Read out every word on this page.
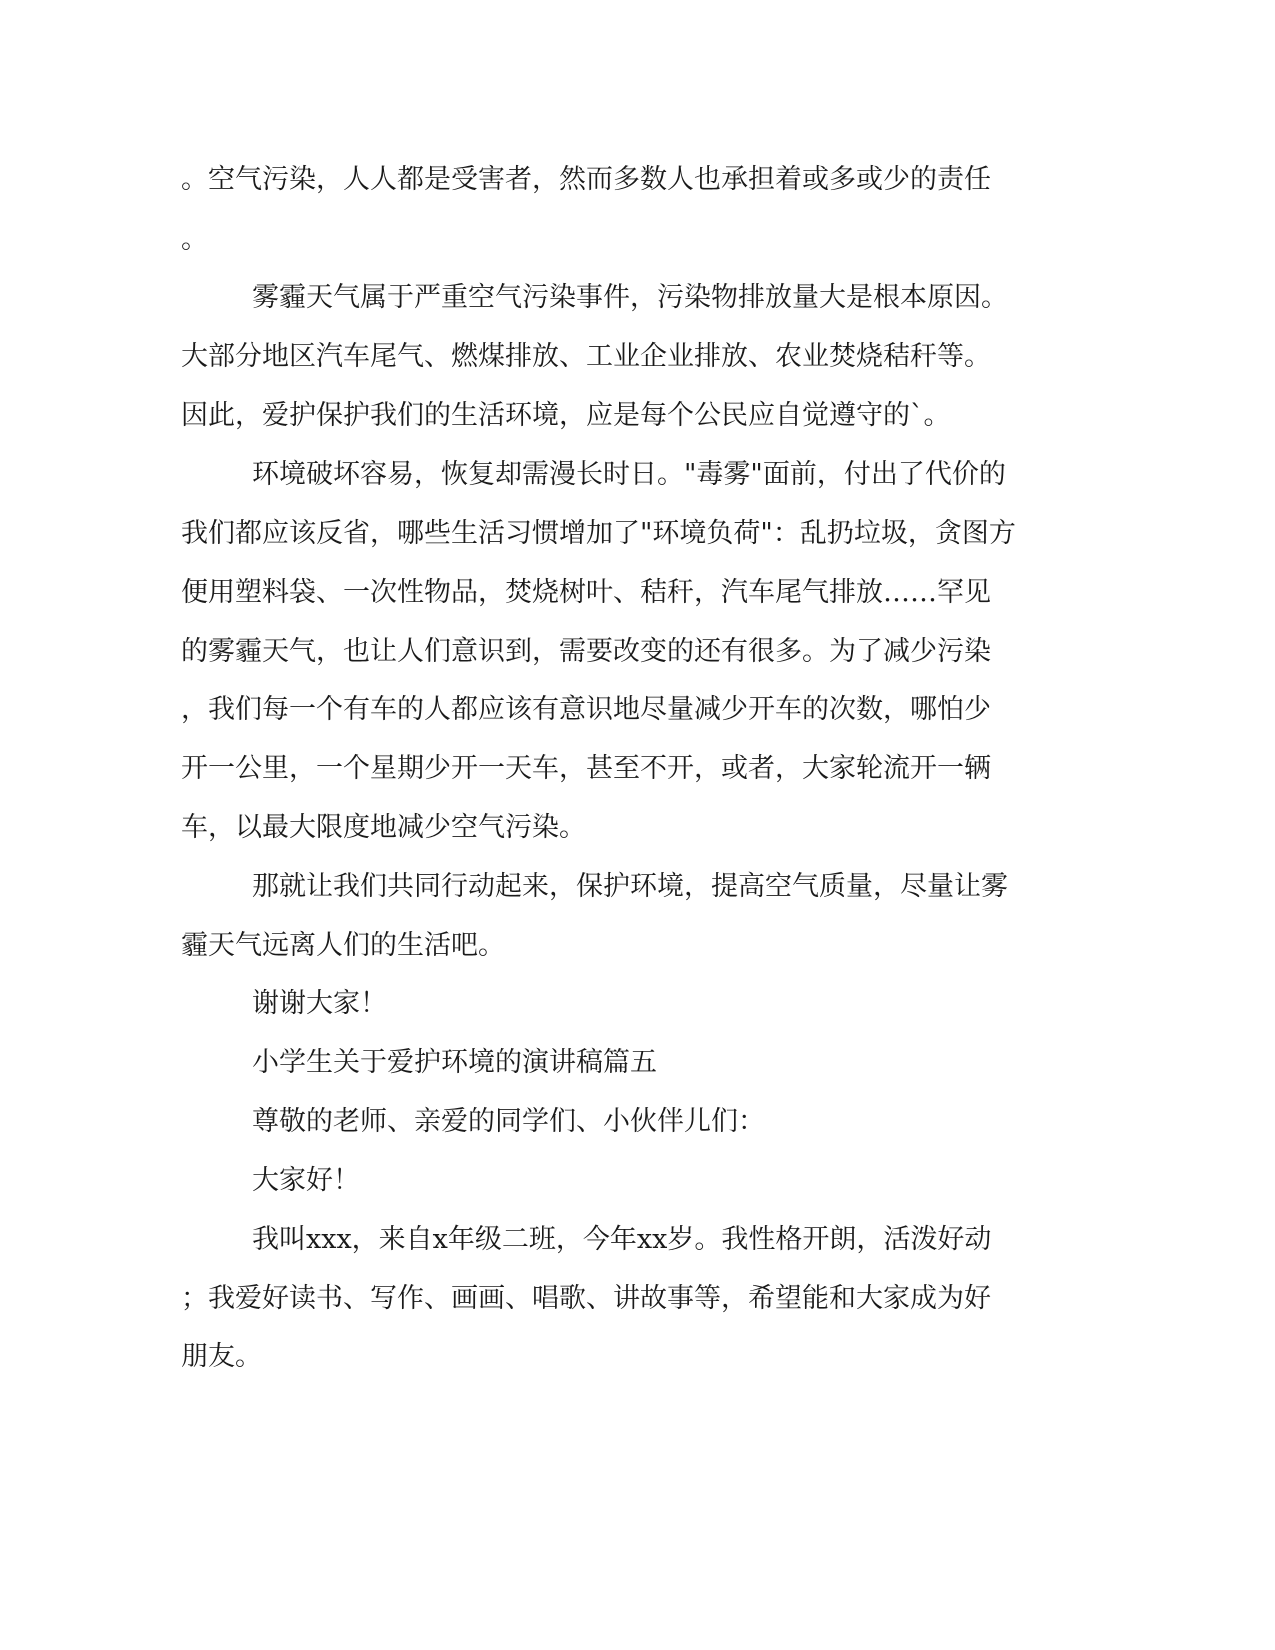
。空气污染，人人都是受害者，然而多数人也承担着或多或少的责任

。

雾霾天气属于严重空气污染事件，污染物排放量大是根本原因。

大部分地区汽车尾气、燃煤排放、工业企业排放、农业焚烧秸秆等。

因此，爱护保护我们的生活环境，应是每个公民应自觉遵守的`。

环境破坏容易，恢复却需漫长时日。"毒雾"面前，付出了代价的

我们都应该反省，哪些生活习惯增加了"环境负荷"：乱扔垃圾，贪图方

便用塑料袋、一次性物品，焚烧树叶、秸秆，汽车尾气排放……罕见

的雾霾天气，也让人们意识到，需要改变的还有很多。为了减少污染

，我们每一个有车的人都应该有意识地尽量减少开车的次数，哪怕少

开一公里，一个星期少开一天车，甚至不开，或者，大家轮流开一辆

车，以最大限度地减少空气污染。

那就让我们共同行动起来，保护环境，提高空气质量，尽量让雾

霾天气远离人们的生活吧。

谢谢大家！

小学生关于爱护环境的演讲稿篇五

尊敬的老师、亲爱的同学们、小伙伴儿们：

大家好！

我叫xxx，来自x年级二班，今年xx岁。我性格开朗，活泼好动

；我爱好读书、写作、画画、唱歌、讲故事等，希望能和大家成为好

朋友。
